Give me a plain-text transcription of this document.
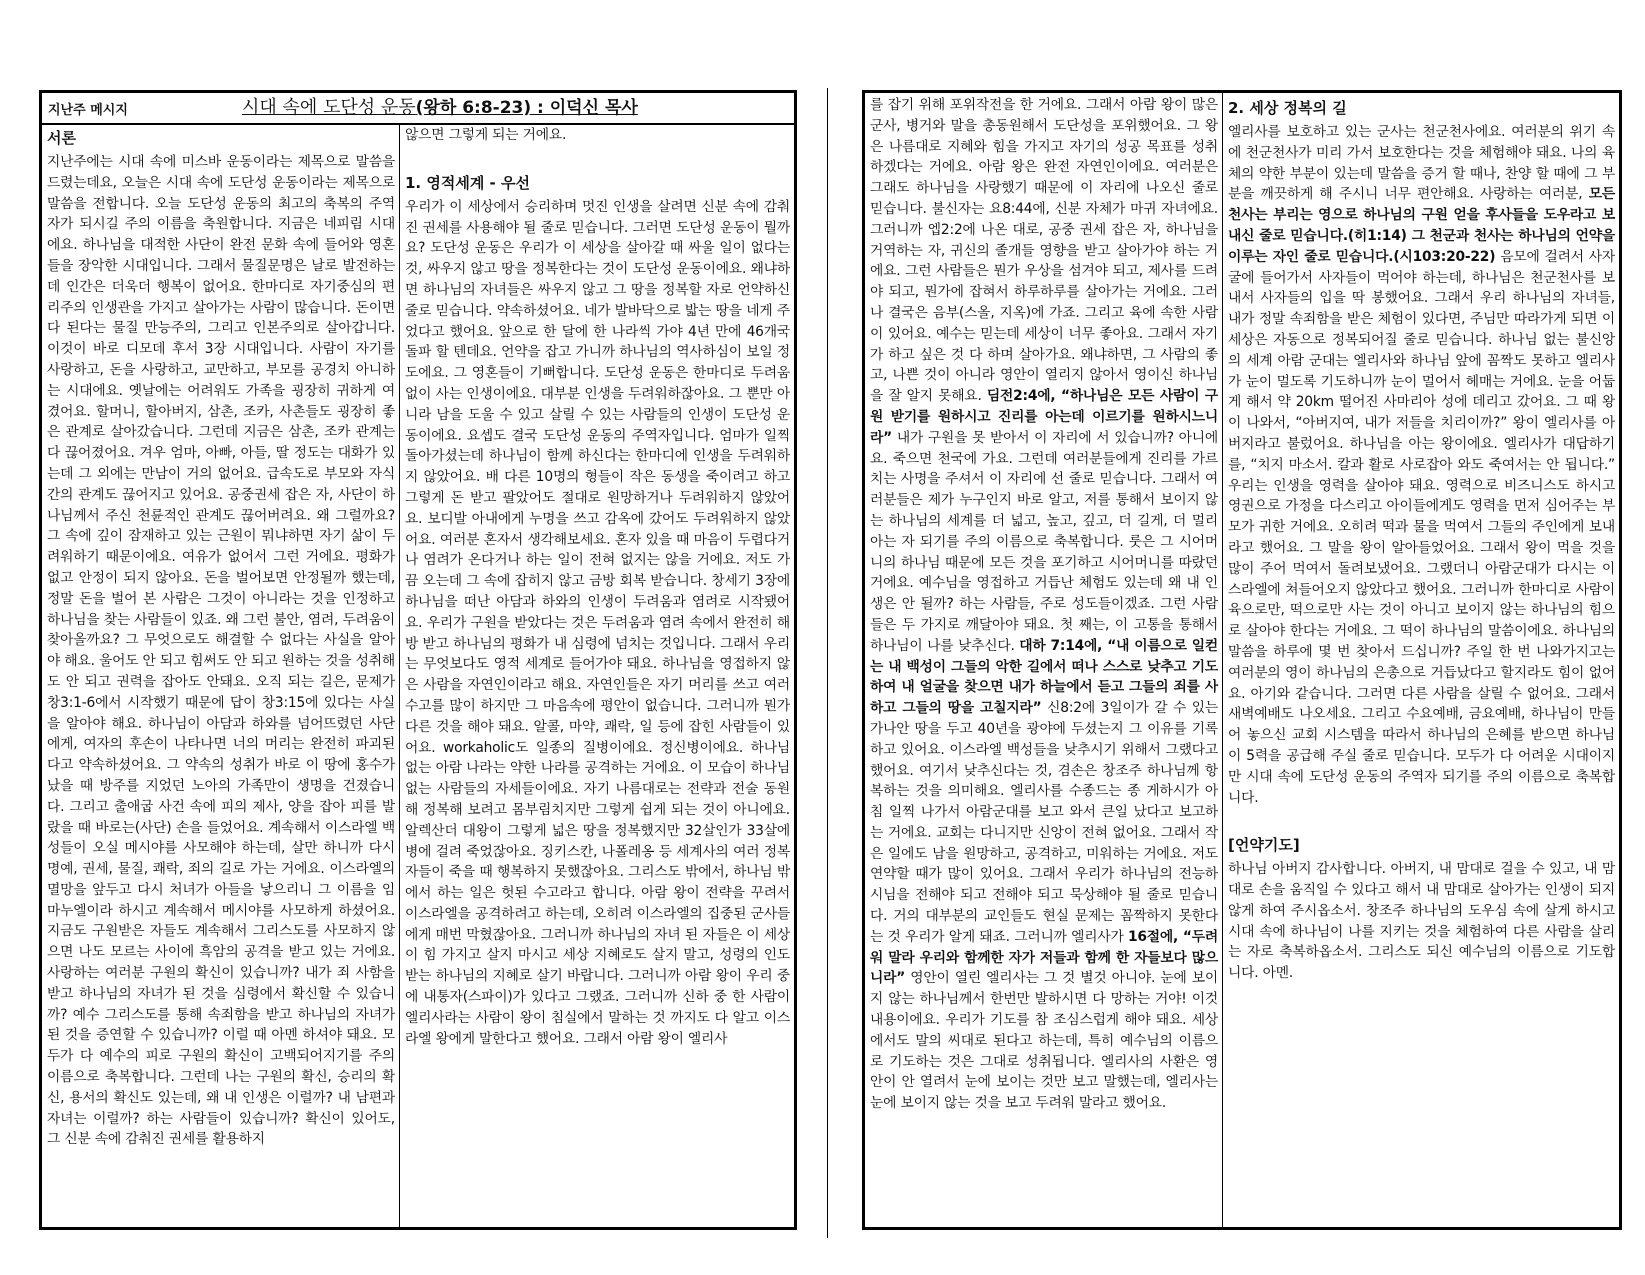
지난주 메시지	시대 속에 도단성 운동(왕하 6:8-23) : 이덕신 목사
서론

지난주에는 시대 속에 미스바 운동이라는 제목으로 말씀을 드렸는데요, 오늘은 시대 속에 도단성 운동이라는 제목으로 말씀을 전합니다. 오늘 도단성 운동의 최고의 축복의 주역자가 되시길 주의 이름을 축원합니다. 지금은 네피림 시대에요. 하나님을 대적한 사단이 완전 문화 속에 들어와 영혼들을 장악한 시대입니다. 그래서 물질문명은 날로 발전하는데 인간은 더욱더 행복이 없어요. 한마디로 자기중심의 편리주의 인생관을 가지고 살아가는 사람이 많습니다. 돈이면 다 된다는 물질 만능주의, 그리고 인본주의로 살아갑니다. 이것이 바로 디모데 후서 3장 시대입니다. 사람이 자기를 사랑하고, 돈을 사랑하고, 교만하고, 부모를 공경치 아니하는 시대에요. 옛날에는 어려워도 가족을 굉장히 귀하게 여겼어요. 할머니, 할아버지, 삼촌, 조카, 사촌들도 굉장히 좋은 관계로 살아갔습니다. 그런데 지금은 삼촌, 조카 관계는 다 끊어졌어요. 겨우 엄마, 아빠, 아들, 딸 정도는 대화가 있는데 그 외에는 만남이 거의 없어요. 급속도로 부모와 자식 간의 관계도 끊어지고 있어요. 공중권세 잡은 자, 사단이 하나님께서 주신 천륜적인 관계도 끊어버려요. 왜 그럴까요? 그 속에 깊이 잠재하고 있는 근원이 뭐냐하면 자기 삶이 두려워하기 때문이에요. 여유가 없어서 그런 거에요. 평화가 없고 안정이 되지 않아요. 돈을 벌어보면 안정될까 했는데, 정말 돈을 벌어 본 사람은 그것이 아니라는 것을 인정하고 하나님을 찾는 사람들이 있죠. 왜 그런 불안, 염려, 두려움이 찾아올까요? 그 무엇으로도 해결할 수 없다는 사실을 알아야 해요. 울어도 안 되고 힘써도 안 되고 원하는 것을 성취해도 안 되고 권력을 잡아도 안돼요. 오직 되는 길은, 문제가 창3:1-6에서 시작했기 때문에 답이 창3:15에 있다는 사실을 알아야 해요. 하나님이 아담과 하와를 넘어뜨렸던 사단에게, 여자의 후손이 나타나면 너의 머리는 완전히 파괴된다고 약속하셨어요. 그 약속의 성취가 바로 이 땅에 홍수가 났을 때 방주를 지었던 노아의 가족만이 생명을 건졌습니다. 그리고 출애굽 사건 속에 피의 제사, 양을 잡아 피를 발랐을 때 바로는(사단) 손을 들었어요. 계속해서 이스라엘 백성들이 오실 메시야를 사모해야 하는데, 살만 하니까 다시 명예, 권세, 물질, 쾌락, 죄의 길로 가는 거에요. 이스라엘의 멸망을 앞두고 다시 처녀가 아들을 낳으리니 그 이름을 임마누엘이라 하시고 계속해서 메시야를 사모하게 하셨어요. 지금도 구원받은 자들도 계속해서 그리스도를 사모하지 않으면 나도 모르는 사이에 흑암의 공격을 받고 있는 거에요. 사랑하는 여러분 구원의 확신이 있습니까? 내가 죄 사함을 받고 하나님의 자녀가 된 것을 심령에서 확신할 수 있습니까? 예수 그리스도를 통해 속죄함을 받고 하나님의 자녀가 된 것을 증연할 수 있습니까? 이럴 때 아멘 하셔야 돼요. 모두가 다 예수의 피로 구원의 확신이 고백되어지기를 주의 이름으로 축복합니다. 그런데 나는 구원의 확신, 승리의 확신, 용서의 확신도 있는데, 왜 내 인생은 이럴까? 내 남편과 자녀는 이럴까? 하는 사람들이 있습니까? 확신이 있어도, 그 신분 속에 감춰진 권세를 활용하지

않으면 그렇게 되는 거에요.

1. 영적세계 - 우선

우리가 이 세상에서 승리하며 멋진 인생을 살려면 신분 속에 감춰진 권세를 사용해야 될 줄로 믿습니다. 그러면 도단성 운동이 뭘까요? 도단성 운동은 우리가 이 세상을 살아갈 때 싸울 일이 없다는 것, 싸우지 않고 땅을 정복한다는 것이 도단성 운동이에요. 왜냐하면 하나님의 자녀들은 싸우지 않고 그 땅을 정복할 자로 언약하신 줄로 믿습니다. 약속하셨어요. 네가 발바닥으로 밟는 땅을 네게 주었다고 했어요. 앞으로 한 달에 한 나라씩 가야 4년 만에 46개국 돌파 할 텐데요. 언약을 잡고 가니까 하나님의 역사하심이 보일 정도에요. 그 영혼들이 기뻐합니다. 도단성 운동은 한마디로 두려움 없이 사는 인생이에요. 대부분 인생을 두려워하잖아요. 그 뿐만 아니라 남을 도울 수 있고 살릴 수 있는 사람들의 인생이 도단성 운동이에요. 요셉도 결국 도단성 운동의 주역자입니다. 엄마가 일찍 돌아가셨는데 하나님이 함께 하신다는 한마디에 인생을 두려워하지 않았어요. 배 다른 10명의 형들이 작은 동생을 죽이려고 하고 그렇게 돈 받고 팔았어도 절대로 원망하거나 두려워하지 않았어요. 보디발 아내에게 누명을 쓰고 감옥에 갔어도 두려워하지 않았어요. 여러분 혼자서 생각해보세요. 혼자 있을 때 마음이 두렵다거나 염려가 온다거나 하는 일이 전혀 없지는 않을 거에요. 저도 가끔 오는데 그 속에 잡히지 않고 금방 회복 받습니다. 창세기 3장에 하나님을 떠난 아담과 하와의 인생이 두려움과 염려로 시작됐어요. 우리가 구원을 받았다는 것은 두려움과 염려 속에서 완전히 해방 받고 하나님의 평화가 내 심령에 넘치는 것입니다. 그래서 우리는 무엇보다도 영적 세계로 들어가야 돼요. 하나님을 영접하지 않은 사람을 자연인이라고 해요. 자연인들은 자기 머리를 쓰고 여러 수고를 많이 하지만 그 마음속에 평안이 없습니다. 그러니까 뭔가 다른 것을 해야 돼요. 알콜, 마약, 쾌락, 일 등에 잡힌 사람들이 있어요. workaholic도 일종의 질병이에요. 정신병이에요. 하나님 없는 아람 나라는 약한 나라를 공격하는 거에요. 이 모습이 하나님 없는 사람들의 자세들이에요. 자기 나름대로는 전략과 전술 동원해 정복해 보려고 몸부림치지만 그렇게 쉽게 되는 것이 아니에요. 알렉산더 대왕이 그렇게 넓은 땅을 정복했지만 32살인가 33살에 병에 걸려 죽었잖아요. 징키스칸, 나폴레옹 등 세계사의 여러 정복자들이 죽을 때 행복하지 못했잖아요. 그리스도 밖에서, 하나님 밖에서 하는 일은 헛된 수고라고 합니다. 아람 왕이 전략을 꾸려서 이스라엘을 공격하려고 하는데, 오히려 이스라엘의 집중된 군사들에게 매번 막혔잖아요. 그러니까 하나님의 자녀 된 자들은 이 세상이 힘 가지고 살지 마시고 세상 지혜로도 살지 말고, 성령의 인도받는 하나님의 지혜로 살기 바랍니다. 그러니까 아람 왕이 우리 중에 내통자(스파이)가 있다고 그랬죠. 그러니까 신하 중 한 사람이 엘리사라는 사람이 왕이 침실에서 말하는 것 까지도 다 알고 이스라엘 왕에게 말한다고 했어요. 그래서 아람 왕이 엘리사

를 잡기 위해 포위작전을 한 거에요. 그래서 아람 왕이 많은 군사, 병거와 말을 총동원해서 도단성을 포위했어요. 그 왕은 나름대로 지혜와 힘을 가지고 자기의 성공 목표를 성취하겠다는 거에요. 아람 왕은 완전 자연인이에요. 여러분은 그래도 하나님을 사랑했기 때문에 이 자리에 나오신 줄로 믿습니다. 불신자는 요8:44에, 신분 자체가 마귀 자녀에요. 그러니까 엡2:2에 나온 대로, 공중 권세 잡은 자, 하나님을 거역하는 자, 귀신의 졸개들 영향을 받고 살아가야 하는 거에요. 그런 사람들은 뭔가 우상을 섬겨야 되고, 제사를 드려야 되고, 뭔가에 잡혀서 하루하루를 살아가는 거에요. 그러나 결국은 음부(스올, 지옥)에 가죠. 그리고 육에 속한 사람이 있어요. 예수는 믿는데 세상이 너무 좋아요. 그래서 자기가 하고 싶은 것 다 하며 살아가요. 왜냐하면, 그 사람의 좋고, 나쁜 것이 아니라 영안이 열리지 않아서 영이신 하나님을 잘 알지 못해요. 딤전2:4에, “하나님은 모든 사람이 구원 받기를 원하시고 진리를 아는데 이르기를 원하시느니라” 내가 구원을 못 받아서 이 자리에 서 있습니까? 아니에요. 죽으면 천국에 가요. 그런데 여러분들에게 진리를 가르치는 사명을 주셔서 이 자리에 선 줄로 믿습니다. 그래서 여러분들은 제가 누구인지 바로 알고, 저를 통해서 보이지 않는 하나님의 세계를 더 넓고, 높고, 깊고, 더 길게, 더 멀리 아는 자 되기를 주의 이름으로 축복합니다. 룻은 그 시어머니의 하나님 때문에 모든 것을 포기하고 시어머니를 따랐던 거에요. 예수님을 영접하고 거듭난 체험도 있는데 왜 내 인생은 안 될까? 하는 사람들, 주로 성도들이겠죠. 그런 사람들은 두 가지로 깨달아야 돼요. 첫 째는, 이 고통을 통해서 하나님이 나를 낮추신다. 대하 7:14에, “내 이름으로 일컫는 내 백성이 그들의 악한 길에서 떠나 스스로 낮추고 기도하여 내 얼굴을 찾으면 내가 하늘에서 듣고 그들의 죄를 사하고 그들의 땅을 고칠지라” 신8:2에 3일이가 갈 수 있는 가나안 땅을 두고 40년을 광야에 두셨는지 그 이유를 기록하고 있어요. 이스라엘 백성들을 낮추시기 위해서 그랬다고 했어요. 여기서 낮추신다는 것, 겸손은 창조주 하나님께 항복하는 것을 의미해요. 엘리사를 수종드는 종 게하시가 아침 일찍 나가서 아람군대를 보고 와서 큰일 났다고 보고하는 거에요. 교회는 다니지만 신앙이 전혀 없어요. 그래서 작은 일에도 남을 원망하고, 공격하고, 미워하는 거에요. 저도 연약할 때가 많이 있어요. 그래서 우리가 하나님의 전능하시님을 전해야 되고 전해야 되고 묵상해야 될 줄로 믿습니다. 거의 대부분의 교인들도 현실 문제는 꼼짝하지 못한다는 것 우리가 알게 돼죠. 그러니까 엘리사가 16절에, “두려워 말라 우리와 함께한 자가 저들과 함께 한 자들보다 많으니라” 영안이 열린 엘리사는 그 것 별것 아니야. 눈에 보이지 않는 하나님께서 한번만 발하시면 다 망하는 거야! 이것 내용이에요. 우리가 기도를 참 조심스럽게 해야 돼요. 세상에서도 말의 씨대로 된다고 하는데, 특히 예수님의 이름으로 기도하는 것은 그대로 성취됩니다. 엘리사의 사환은 영안이 안 열려서 눈에 보이는 것만 보고 말했는데, 엘리사는 눈에 보이지 않는 것을 보고 두려워 말라고 했어요.

2. 세상 정복의 길

엘리사를 보호하고 있는 군사는 천군천사에요. 여러분의 위기 속에 천군천사가 미리 가서 보호한다는 것을 체험해야 돼요. 나의 육체의 약한 부분이 있는데 말씀을 증거 할 때나, 찬양 할 때에 그 부분을 깨끗하게 해 주시니 너무 편안해요. 사랑하는 여러분, 모든 천사는 부리는 영으로 하나님의 구원 얻을 후사들을 도우라고 보내신 줄로 믿습니다.(히1:14) 그 천군과 천사는 하나님의 언약을 이루는 자인 줄로 믿습니다.(시103:20-22) 음모에 걸려서 사자 굴에 들어가서 사자들이 먹어야 하는데, 하나님은 천군천사를 보내서 사자들의 입을 딱 봉했어요. 그래서 우리 하나님의 자녀들, 내가 정말 속죄함을 받은 체험이 있다면, 주님만 따라가게 되면 이 세상은 자동으로 정복되어질 줄로 믿습니다. 하나님 없는 불신앙의 세계 아람 군대는 엘리사와 하나님 앞에 꼼짝도 못하고 엘리사가 눈이 멀도록 기도하니까 눈이 멀어서 헤매는 거에요. 눈을 어둡게 해서 약 20km 떨어진 사마리아 성에 데리고 갔어요. 그 때 왕이 나와서, “아버지여, 내가 저들을 치리이까?” 왕이 엘리사를 아버지라고 불렀어요. 하나님을 아는 왕이에요. 엘리사가 대답하기를, “치지 마소서. 칼과 활로 사로잡아 와도 죽여서는 안 됩니다.” 우리는 인생을 영력을 살아야 돼요. 영력으로 비즈니스도 하시고 영권으로 가정을 다스리고 아이들에게도 영력을 먼저 심어주는 부모가 귀한 거에요. 오히려 떡과 물을 먹여서 그들의 주인에게 보내라고 했어요. 그 말을 왕이 알아들었어요. 그래서 왕이 먹을 것을 많이 주어 먹여서 돌려보냈어요. 그랬더니 아람군대가 다시는 이스라엘에 쳐들어오지 않았다고 했어요. 그러니까 한마디로 사람이 육으로만, 떡으로만 사는 것이 아니고 보이지 않는 하나님의 힘으로 살아야 한다는 거에요. 그 떡이 하나님의 말씀이에요. 하나님의 말씀을 하루에 몇 번 찾아서 드십니까? 주일 한 번 나와가지고는 여러분의 영이 하나님의 은총으로 거듭났다고 할지라도 힘이 없어요. 아기와 같습니다. 그러면 다른 사람을 살릴 수 없어요. 그래서 새벽예배도 나오세요. 그리고 수요예배, 금요예배, 하나님이 만들어 놓으신 교회 시스템을 따라서 하나님의 은혜를 받으면 하나님이 5력을 공급해 주실 줄로 믿습니다. 모두가 다 어려운 시대이지만 시대 속에 도단성 운동의 주역자 되기를 주의 이름으로 축복합니다.

[언약기도]

하나님 아버지 감사합니다. 아버지, 내 맘대로 걸을 수 있고, 내 맘대로 손을 움직일 수 있다고 해서 내 맘대로 살아가는 인생이 되지 않게 하여 주시옵소서. 창조주 하나님의 도우심 속에 살게 하시고 시대 속에 하나님이 나를 지키는 것을 체험하여 다른 사람을 살리는 자로 축복하옵소서. 그리스도 되신 예수님의 이름으로 기도합니다. 아멘.
